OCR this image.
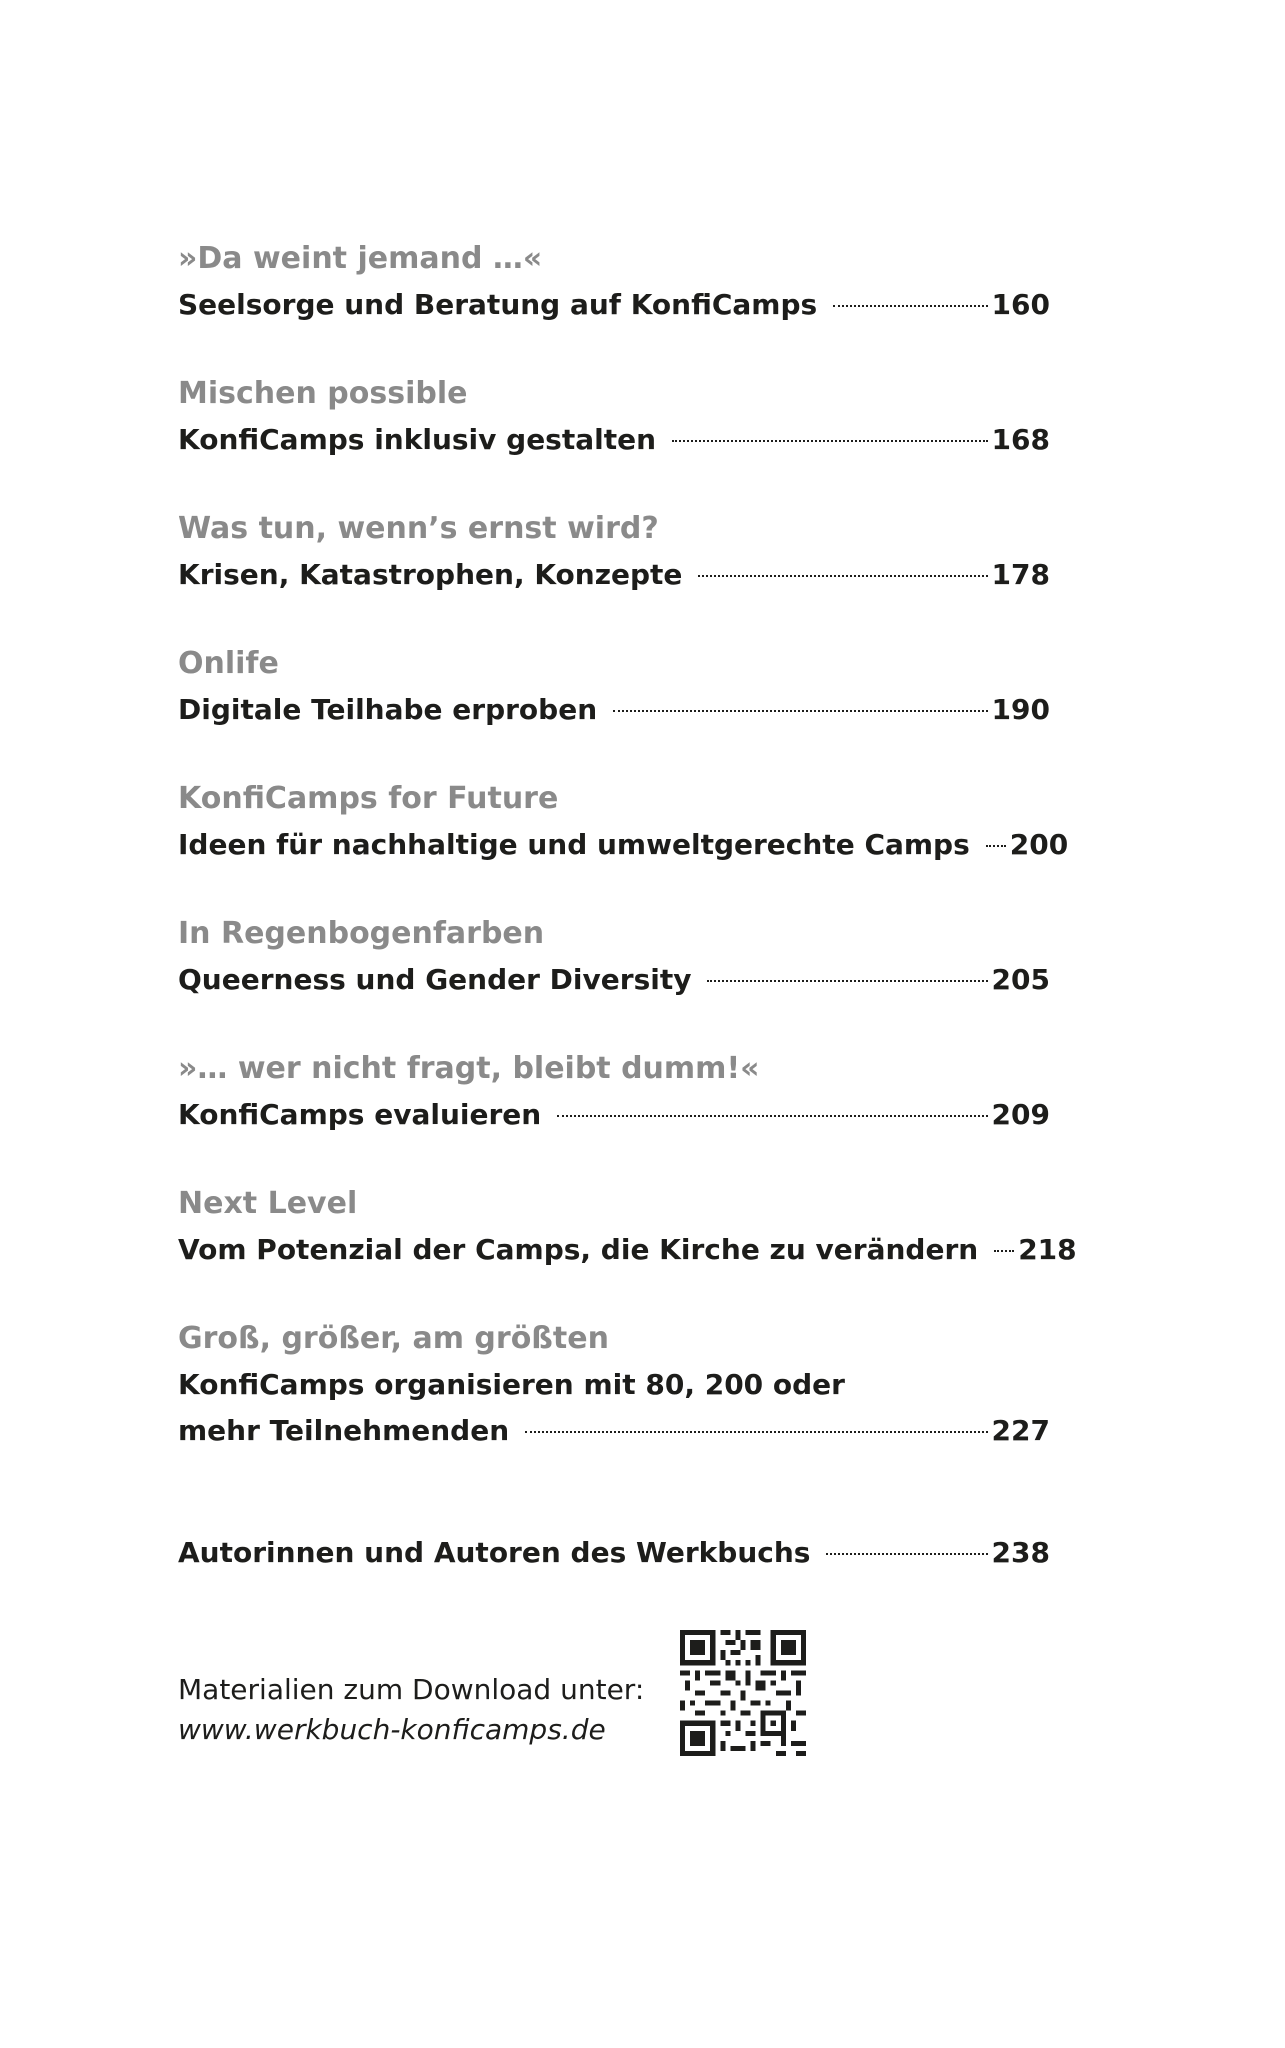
»Da weint jemand …«
Seelsorge und Beratung auf KonfiCamps	160
Mischen possible
KonfiCamps inklusiv gestalten	168
Was tun, wenn’s ernst wird?
Krisen, Katastrophen, Konzepte	178
Onlife
Digitale Teilhabe erproben	190
KonfiCamps for Future
Ideen für nachhaltige und umweltgerechte Camps 200
In Regenbogenfarben
Queerness und Gender Diversity	205
»… wer nicht fragt, bleibt dumm!«
KonfiCamps evaluieren	209
Next Level
Vom Potenzial der Camps, die Kirche zu verändern 218
Groß, größer, am größten
KonfiCamps organisieren mit 80, 200 oder
mehr Teilnehmenden	227
Autorinnen und Autoren des Werkbuchs	238
Materialien zum Download unter:
www.werkbuch-konficamps.de
